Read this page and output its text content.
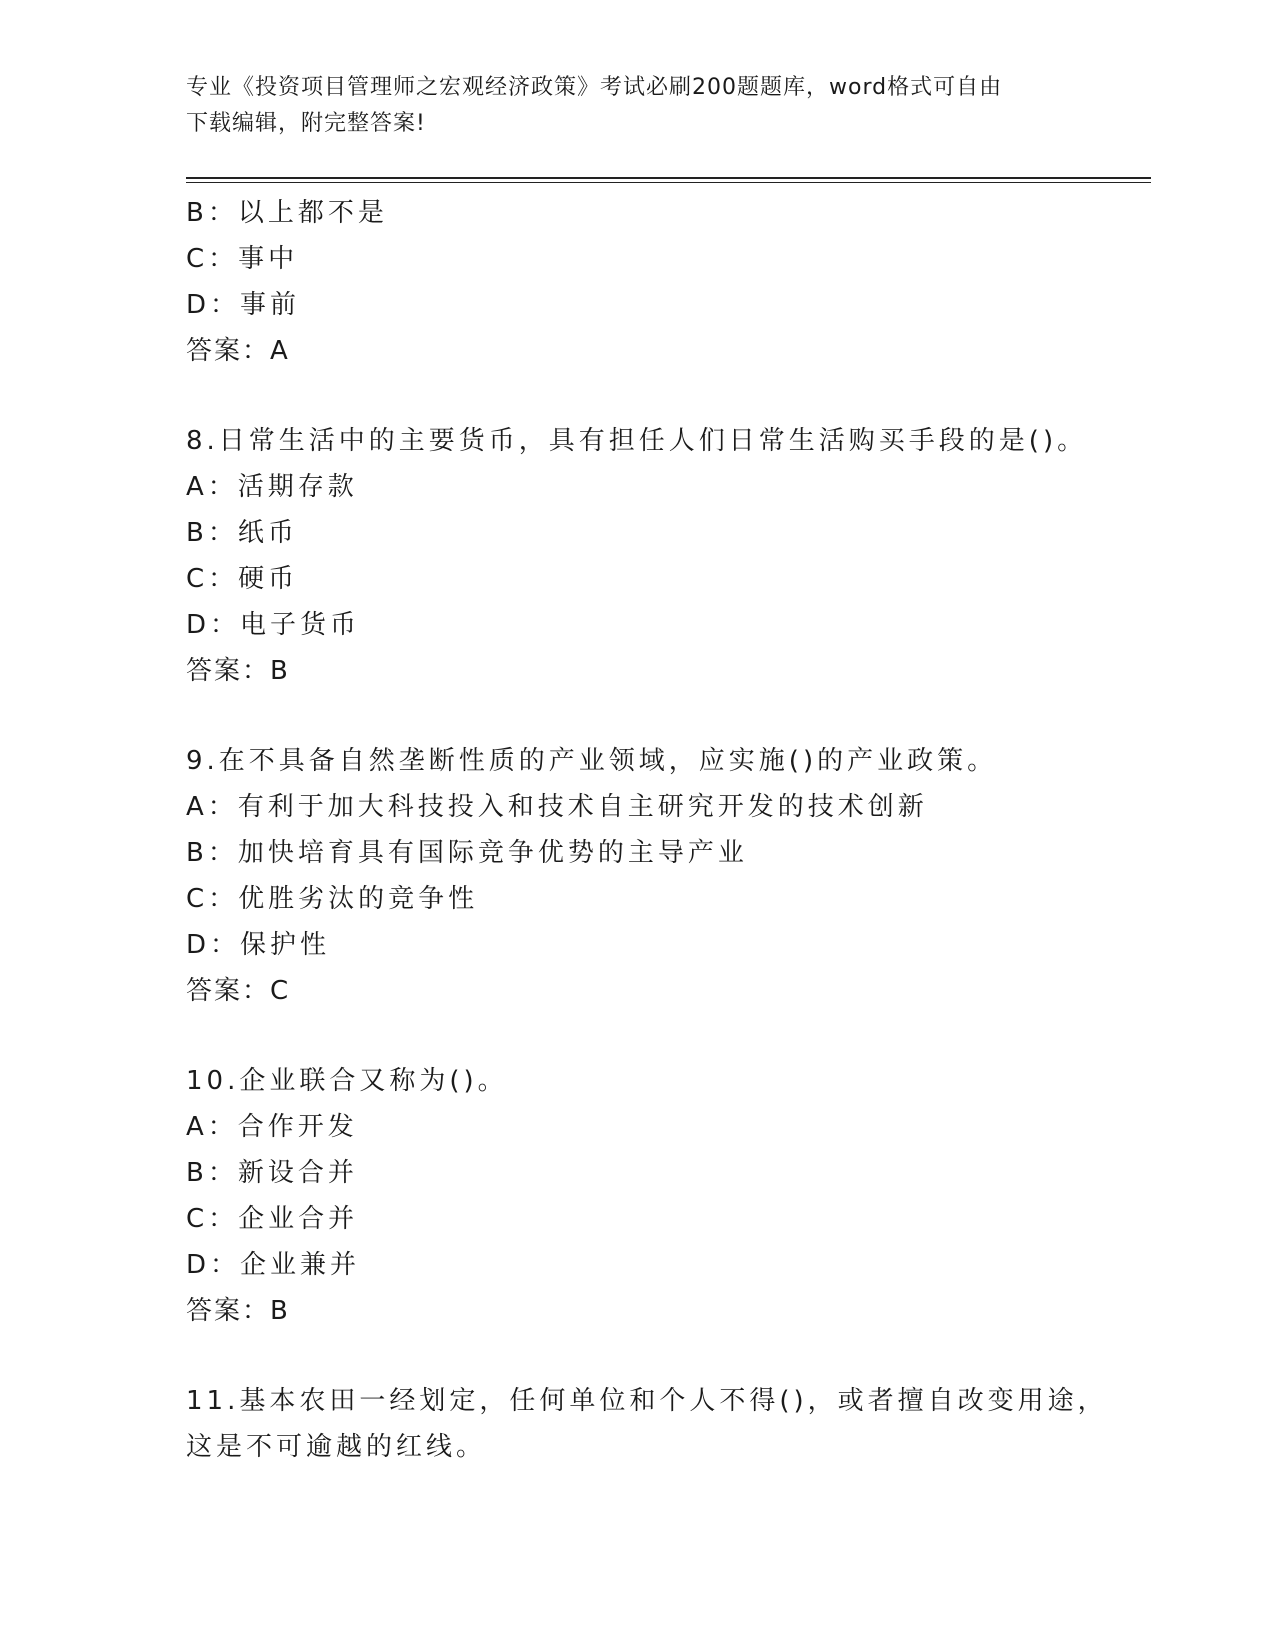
专业《投资项目管理师之宏观经济政策》考试必刷200题题库，word格式可自由
下载编辑，附完整答案!
B：以上都不是
C：事中
D：事前
答案：A
8.日常生活中的主要货币，具有担任人们日常生活购买手段的是()。
A：活期存款
B：纸币
C：硬币
D：电子货币
答案：B
9.在不具备自然垄断性质的产业领域，应实施()的产业政策。
A：有利于加大科技投入和技术自主研究开发的技术创新
B：加快培育具有国际竞争优势的主导产业
C：优胜劣汰的竞争性
D：保护性
答案：C
10.企业联合又称为()。
A：合作开发
B：新设合并
C：企业合并
D：企业兼并
答案：B
11.基本农田一经划定，任何单位和个人不得()，或者擅自改变用途，
这是不可逾越的红线。
